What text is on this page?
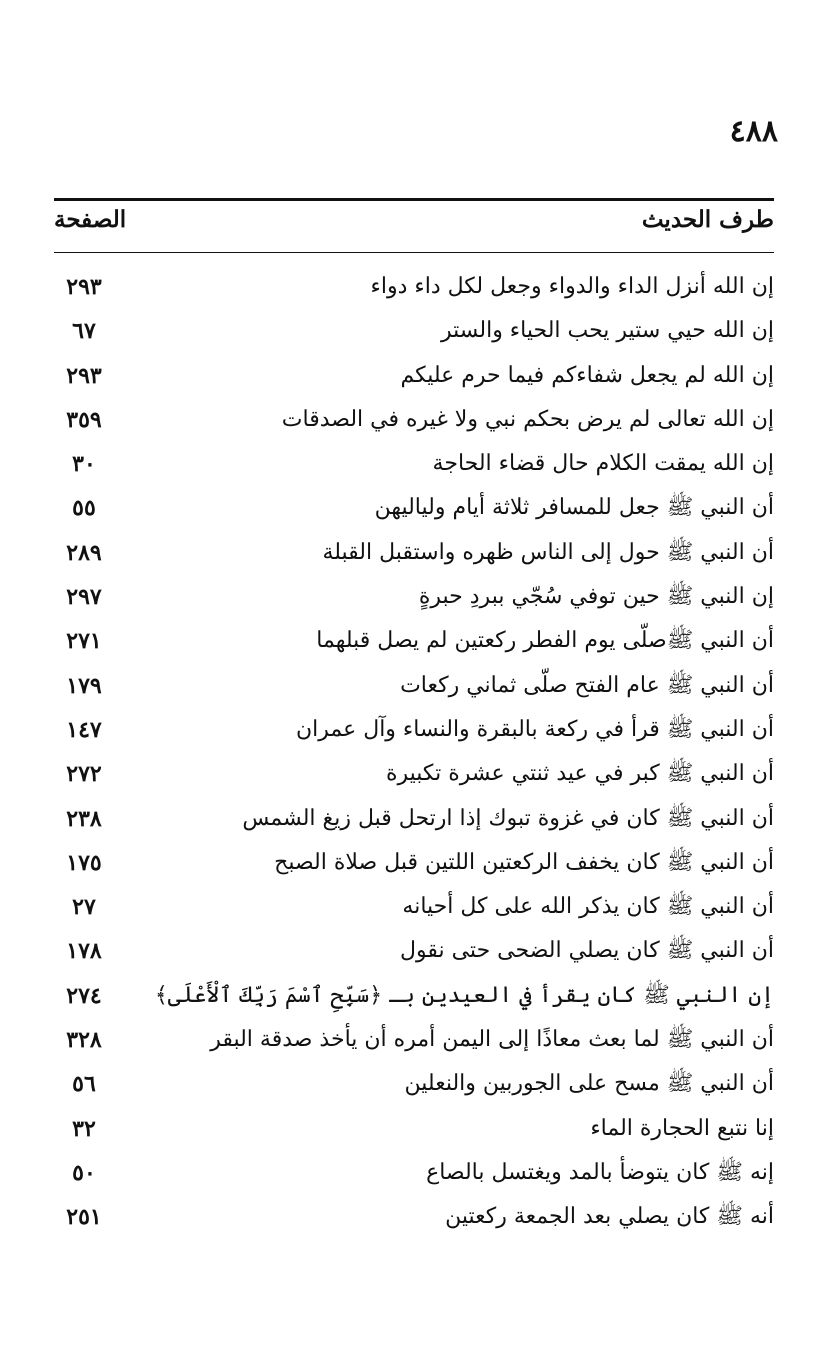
٤٨٨
طرف الحديث
الصفحة
إن الله أنزل الداء والدواء وجعل لكل داء دواء
٢٩٣
إن الله حيي ستير يحب الحياء والستر
٦٧
إن الله لم يجعل شفاءكم فيما حرم عليكم
٢٩٣
إن الله تعالى لم يرض بحكم نبي ولا غيره في الصدقات
٣٥٩
إن الله يمقت الكلام حال قضاء الحاجة
٣٠
أن النبي ﷺ جعل للمسافر ثلاثة أيام ولياليهن
٥٥
أن النبي ﷺ حول إلى الناس ظهره واستقبل القبلة
٢٨٩
إن النبي ﷺ حين توفي سُجّي ببردِ حبرةٍ
٢٩٧
أن النبي ﷺصلّى يوم الفطر ركعتين لم يصل قبلهما
٢٧١
أن النبي ﷺ عام الفتح صلّى ثماني ركعات
١٧٩
أن النبي ﷺ قرأ في ركعة بالبقرة والنساء وآل عمران
١٤٧
أن النبي ﷺ كبر في عيد ثنتي عشرة تكبيرة
٢٧٢
أن النبي ﷺ كان في غزوة تبوك إذا ارتحل قبل زيغ الشمس
٢٣٨
أن النبي ﷺ كان يخفف الركعتين اللتين قبل صلاة الصبح
١٧٥
أن النبي ﷺ كان يذكر الله على كل أحيانه
٢٧
أن النبي ﷺ كان يصلي الضحى حتى نقول
١٧٨
إن النبي ﷺ كان يقرأ في العيدين بـ ﴿سَبِّحِ ٱسْمَ رَبِّكَ ٱلْأَعْلَى﴾
٢٧٤
أن النبي ﷺ لما بعث معاذًا إلى اليمن أمره أن يأخذ صدقة البقر
٣٢٨
أن النبي ﷺ مسح على الجوربين والنعلين
٥٦
إنا نتبع الحجارة الماء
٣٢
إنه ﷺ كان يتوضأ بالمد ويغتسل بالصاع
٥٠
أنه ﷺ كان يصلي بعد الجمعة ركعتين
٢٥١
